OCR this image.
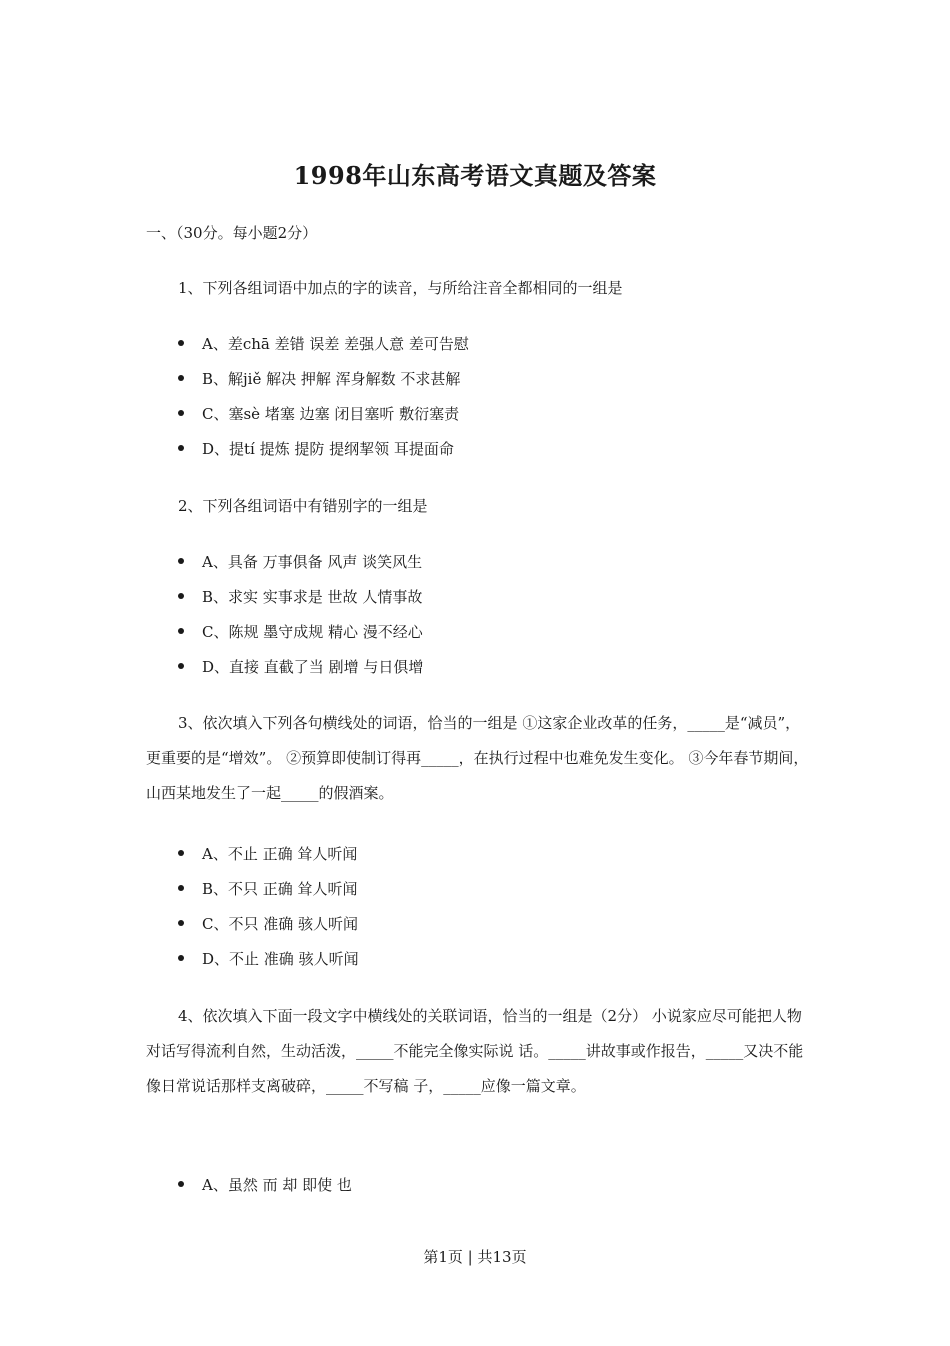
1998年山东高考语文真题及答案
一、（30分。每小题2分）
1、下列各组词语中加点的字的读音，与所给注音全都相同的一组是
A、差chā 差错 误差 差强人意 差可告慰
B、解jiě 解决 押解 浑身解数 不求甚解
C、塞sè 堵塞 边塞 闭目塞听 敷衍塞责
D、提tí 提炼 提防 提纲挈领 耳提面命
2、下列各组词语中有错别字的一组是
A、具备 万事俱备 风声 谈笑风生
B、求实 实事求是 世故 人情事故
C、陈规 墨守成规 精心 漫不经心
D、直接 直截了当 剧增 与日俱增
3、依次填入下列各句横线处的词语，恰当的一组是 ①这家企业改革的任务，_____是“减员”，更重要的是“增效”。 ②预算即使制订得再_____，在执行过程中也难免发生变化。 ③今年春节期间，山西某地发生了一起_____的假酒案。
A、不止 正确 耸人听闻
B、不只 正确 耸人听闻
C、不只 准确 骇人听闻
D、不止 准确 骇人听闻
4、依次填入下面一段文字中横线处的关联词语，恰当的一组是（2分） 小说家应尽可能把人物对话写得流利自然，生动活泼，_____不能完全像实际说 话。_____讲故事或作报告，_____又决不能像日常说话那样支离破碎，_____不写稿 子，_____应像一篇文章。
A、虽然 而 却 即使 也
第1页 | 共13页
